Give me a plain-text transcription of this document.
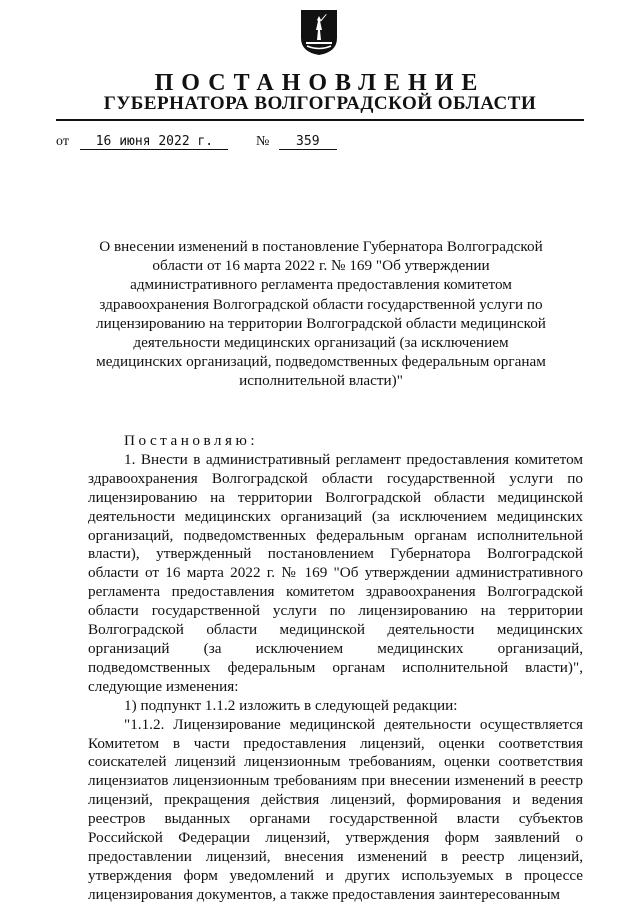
ПОСТАНОВЛЕНИЕ
ГУБЕРНАТОРА ВОЛГОГРАДСКОЙ ОБЛАСТИ
от 16 июня 2022 г.	№ 359
О внесении изменений в постановление Губернатора Волгоградской области от 16 марта 2022 г. № 169 "Об утверждении административного регламента предоставления комитетом здравоохранения Волгоградской области государственной услуги по лицензированию на территории Волгоградской области медицинской деятельности медицинских организаций (за исключением медицинских организаций, подведомственных федеральным органам исполнительной власти)"

Постановляю:

1. Внести в административный регламент предоставления комитетом здравоохранения Волгоградской области государственной услуги по лицензированию на территории Волгоградской области медицинской деятельности медицинских организаций (за исключением медицинских организаций, подведомственных федеральным органам исполнительной власти), утвержденный постановлением Губернатора Волгоградской области от 16 марта 2022 г. № 169 "Об утверждении административного регламента предоставления комитетом здравоохранения Волгоградской области государственной услуги по лицензированию на территории Волгоградской области медицинской деятельности медицинских организаций (за исключением медицинских организаций, подведомственных федеральным органам исполнительной власти)", следующие изменения:

1) подпункт 1.1.2 изложить в следующей редакции:

"1.1.2. Лицензирование медицинской деятельности осуществляется Комитетом в части предоставления лицензий, оценки соответствия соискателей лицензий лицензионным требованиям, оценки соответствия лицензиатов лицензионным требованиям при внесении изменений в реестр лицензий, прекращения действия лицензий, формирования и ведения реестров выданных органами государственной власти субъектов Российской Федерации лицензий, утверждения форм заявлений о предоставлении лицензий, внесения изменений в реестр лицензий, утверждения форм уведомлений и других используемых в процессе лицензирования документов, а также предоставления заинтересованным
